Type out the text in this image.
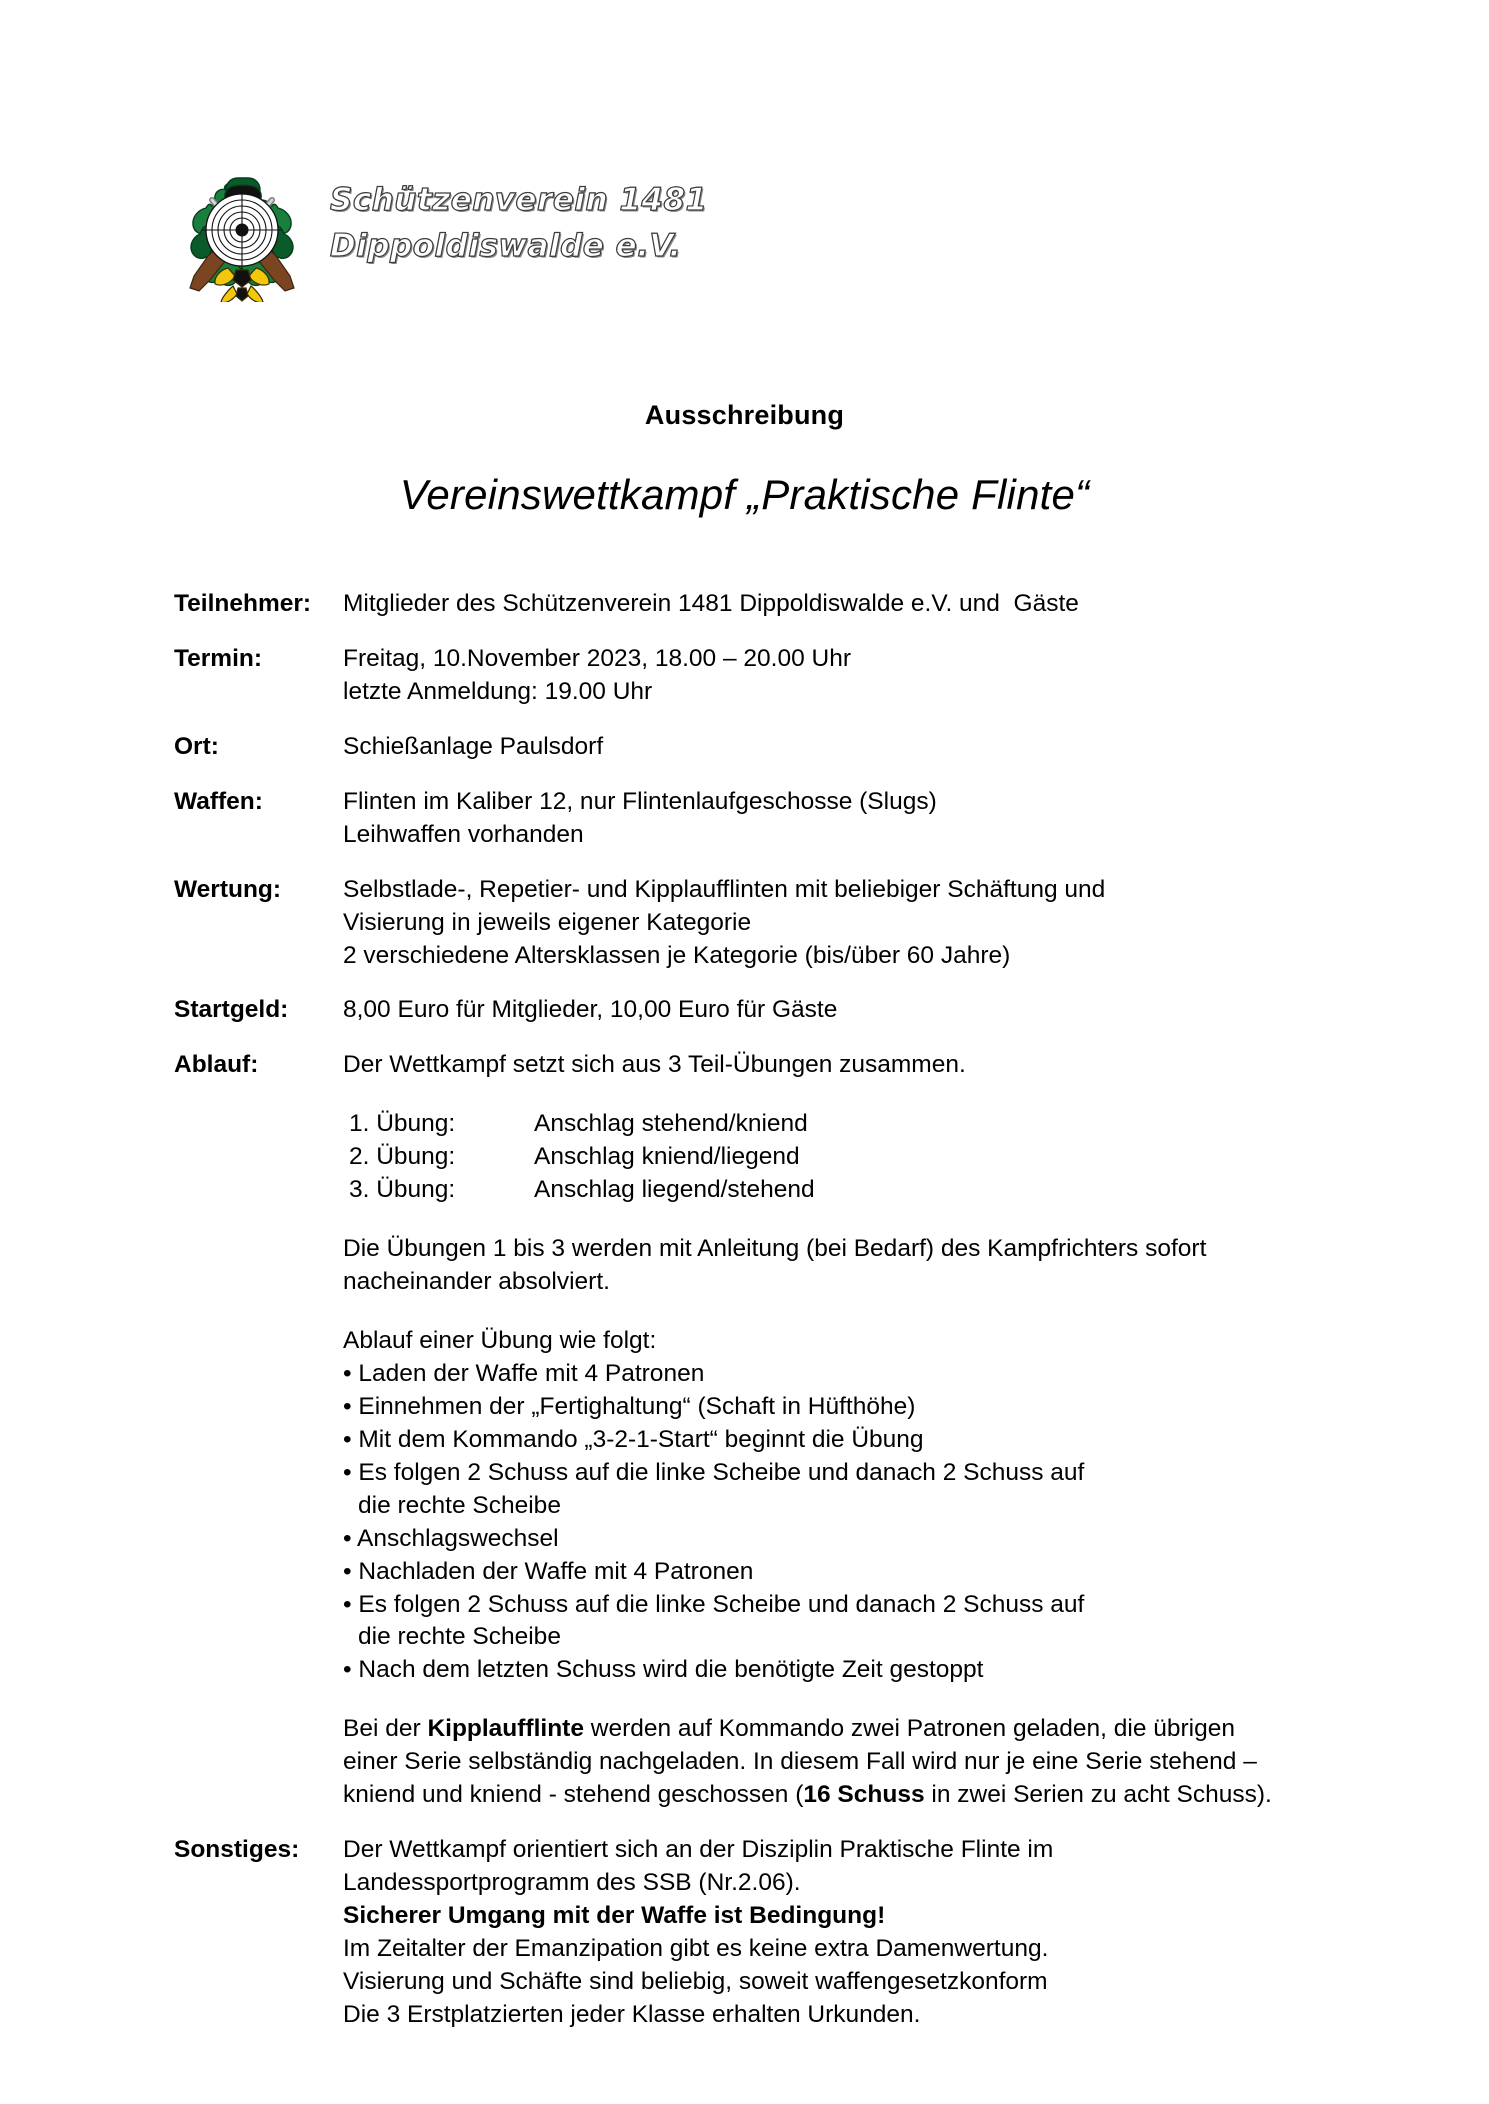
Schützenverein 1481
Dippoldiswalde e.V.
Ausschreibung
Vereinswettkampf „Praktische Flinte“
Teilnehmer:	Mitglieder des Schützenverein 1481 Dippoldiswalde e.V. und  Gäste
Termin:	Freitag, 10.November 2023, 18.00 – 20.00 Uhr
letzte Anmeldung: 19.00 Uhr
Ort:	Schießanlage Paulsdorf
Waffen:	Flinten im Kaliber 12, nur Flintenlaufgeschosse (Slugs)
Leihwaffen vorhanden
Wertung:	Selbstlade-, Repetier- und Kipplaufflinten mit beliebiger Schäftung und
Visierung in jeweils eigener Kategorie
2 verschiedene Altersklassen je Kategorie (bis/über 60 Jahre)
Startgeld:	8,00 Euro für Mitglieder, 10,00 Euro für Gäste
Ablauf:	Der Wettkampf setzt sich aus 3 Teil-Übungen zusammen.
1. Übung:	Anschlag stehend/kniend
2. Übung:	Anschlag kniend/liegend
3. Übung:	Anschlag liegend/stehend
Die Übungen 1 bis 3 werden mit Anleitung (bei Bedarf) des Kampfrichters sofort
nacheinander absolviert.
Ablauf einer Übung wie folgt:
• Laden der Waffe mit 4 Patronen
• Einnehmen der „Fertighaltung“ (Schaft in Hüfthöhe)
• Mit dem Kommando „3-2-1-Start“ beginnt die Übung
• Es folgen 2 Schuss auf die linke Scheibe und danach 2 Schuss auf
die rechte Scheibe
• Anschlagswechsel
• Nachladen der Waffe mit 4 Patronen
• Es folgen 2 Schuss auf die linke Scheibe und danach 2 Schuss auf
die rechte Scheibe
• Nach dem letzten Schuss wird die benötigte Zeit gestoppt
Bei der Kipplaufflinte werden auf Kommando zwei Patronen geladen, die übrigen
einer Serie selbständig nachgeladen. In diesem Fall wird nur je eine Serie stehend –
kniend und kniend - stehend geschossen (16 Schuss in zwei Serien zu acht Schuss).
Sonstiges:	Der Wettkampf orientiert sich an der Disziplin Praktische Flinte im
Landessportprogramm des SSB (Nr.2.06).
Sicherer Umgang mit der Waffe ist Bedingung!
Im Zeitalter der Emanzipation gibt es keine extra Damenwertung.
Visierung und Schäfte sind beliebig, soweit waffengesetzkonform
Die 3 Erstplatzierten jeder Klasse erhalten Urkunden.
